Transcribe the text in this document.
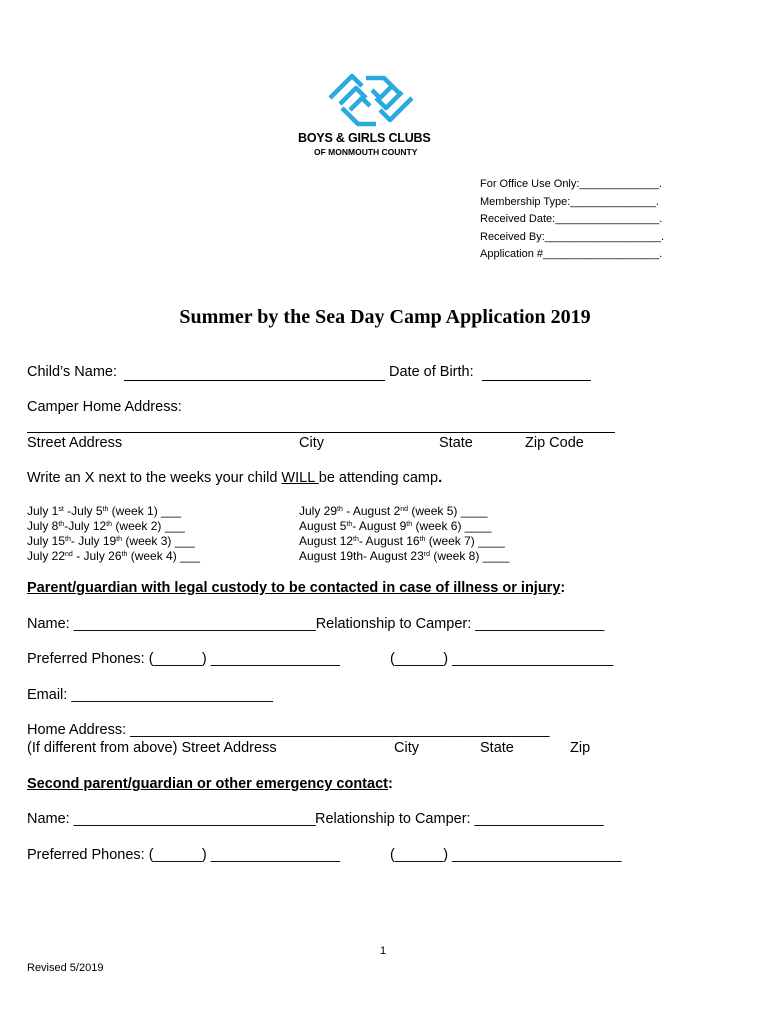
BOYS & GIRLS CLUBS
OF MONMOUTH COUNTY
For Office Use Only:_____________.
Membership Type:______________.
Received Date:_________________.
Received By:___________________.
Application #___________________.
Summer by the Sea Day Camp Application 2019
Child’s Name:	Date of Birth:
Camper Home Address:
Street Address	City	State	Zip Code
Write an X next to the weeks your child WILL be attending camp.
July 1st -July 5th (week 1) ___
July 8th-July 12th (week 2) ___
July 15th- July 19th (week 3) ___
July 22nd - July 26th (week 4) ___
July 29th - August 2nd (week 5) ____
August 5th- August 9th (week 6) ____
August 12th- August 16th (week 7) ____
August 19th- August 23rd (week 8) ____
Parent/guardian with legal custody to be contacted in case of illness or injury:
Name: ______________________________Relationship to Camper: ________________
Preferred Phones: (______) ________________	(______) ____________________
Email: _________________________
Home Address: ____________________________________________________
(If different from above) Street Address	City	State	Zip
Second parent/guardian or other emergency contact:
Name: ______________________________ Relationship to Camper: ________________
Preferred Phones: (______) ________________	(______) _____________________
1
Revised 5/2019
